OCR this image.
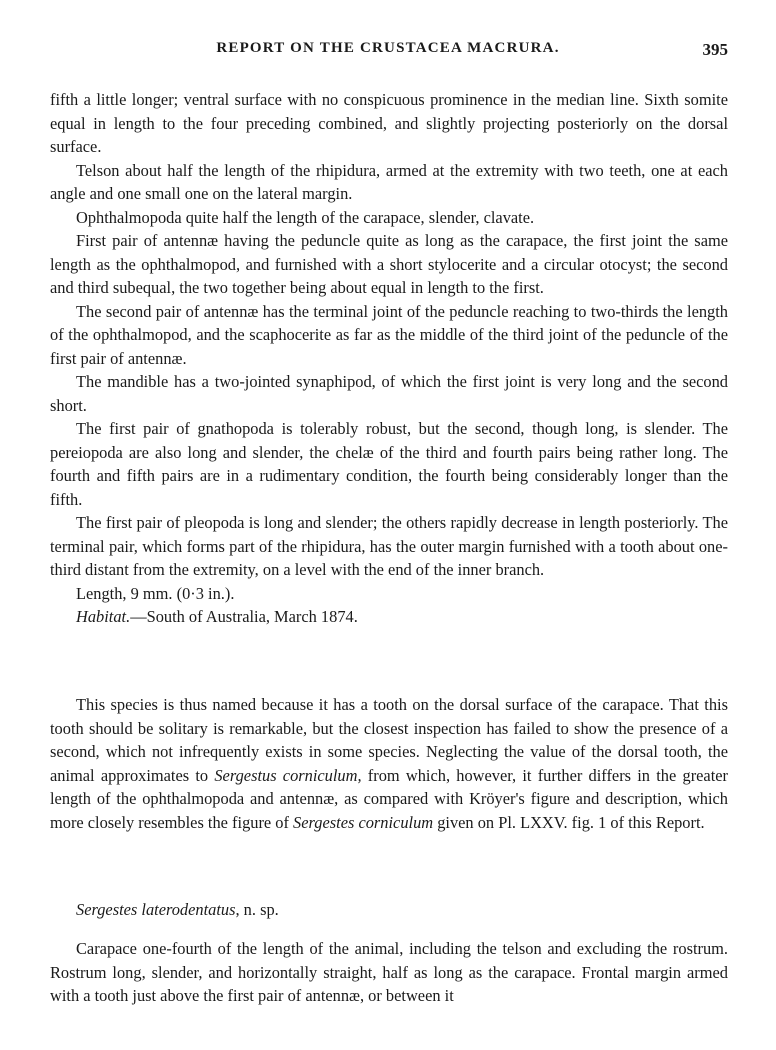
REPORT ON THE CRUSTACEA MACRURA.	395

fifth a little longer; ventral surface with no conspicuous prominence in the median line. Sixth somite equal in length to the four preceding combined, and slightly projecting posteriorly on the dorsal surface.

Telson about half the length of the rhipidura, armed at the extremity with two teeth, one at each angle and one small one on the lateral margin.

Ophthalmopoda quite half the length of the carapace, slender, clavate.

First pair of antennæ having the peduncle quite as long as the carapace, the first joint the same length as the ophthalmopod, and furnished with a short stylocerite and a circular otocyst; the second and third subequal, the two together being about equal in length to the first.

The second pair of antennæ has the terminal joint of the peduncle reaching to two-thirds the length of the ophthalmopod, and the scaphocerite as far as the middle of the third joint of the peduncle of the first pair of antennæ.

The mandible has a two-jointed synaphipod, of which the first joint is very long and the second short.

The first pair of gnathopoda is tolerably robust, but the second, though long, is slender. The pereiopoda are also long and slender, the chelæ of the third and fourth pairs being rather long. The fourth and fifth pairs are in a rudimentary condition, the fourth being considerably longer than the fifth.

The first pair of pleopoda is long and slender; the others rapidly decrease in length posteriorly. The terminal pair, which forms part of the rhipidura, has the outer margin furnished with a tooth about one-third distant from the extremity, on a level with the end of the inner branch.

Length, 9 mm. (0·3 in.).

Habitat.—South of Australia, March 1874.

This species is thus named because it has a tooth on the dorsal surface of the carapace. That this tooth should be solitary is remarkable, but the closest inspection has failed to show the presence of a second, which not infrequently exists in some species. Neglecting the value of the dorsal tooth, the animal approximates to Sergestus corniculum, from which, however, it further differs in the greater length of the ophthalmopoda and antennæ, as compared with Kröyer's figure and description, which more closely resembles the figure of Sergestes corniculum given on Pl. LXXV. fig. 1 of this Report.

Sergestes laterodentatus, n. sp.

Carapace one-fourth of the length of the animal, including the telson and excluding the rostrum. Rostrum long, slender, and horizontally straight, half as long as the carapace. Frontal margin armed with a tooth just above the first pair of antennæ, or between it
